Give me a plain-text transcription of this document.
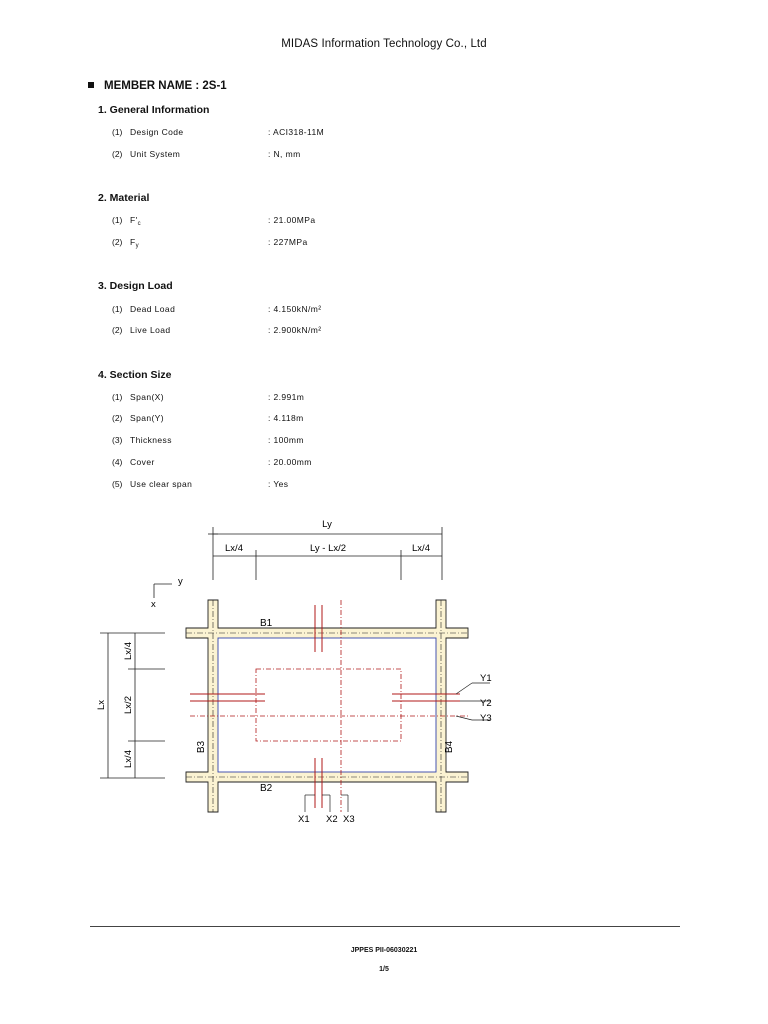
MIDAS Information Technology Co., Ltd
MEMBER NAME : 2S-1
1. General Information
(1) Design Code	: ACI318-11M
(2) Unit System	: N, mm
2. Material
(1) $F'_c$	: 21.00MPa
(2) $F_y$	: 227MPa
3. Design Load
(1) Dead Load	: 4.150kN/m²
(2) Live Load	: 2.900kN/m²
4. Section Size
(1) Span(X)	: 2.991m
(2) Span(Y)	: 4.118m
(3) Thickness	: 100mm
(4) Cover	: 20.00mm
(5) Use clear span	: Yes
Ly
Lx/4	Ly - Lx/2	Lx/4
y
x
Lx
Lx/4
Lx/2
Lx/4
B1
B2
B3	B4
Y1
Y2
Y3
X1 X2 X3
JPPES PII-06030221
1/5
